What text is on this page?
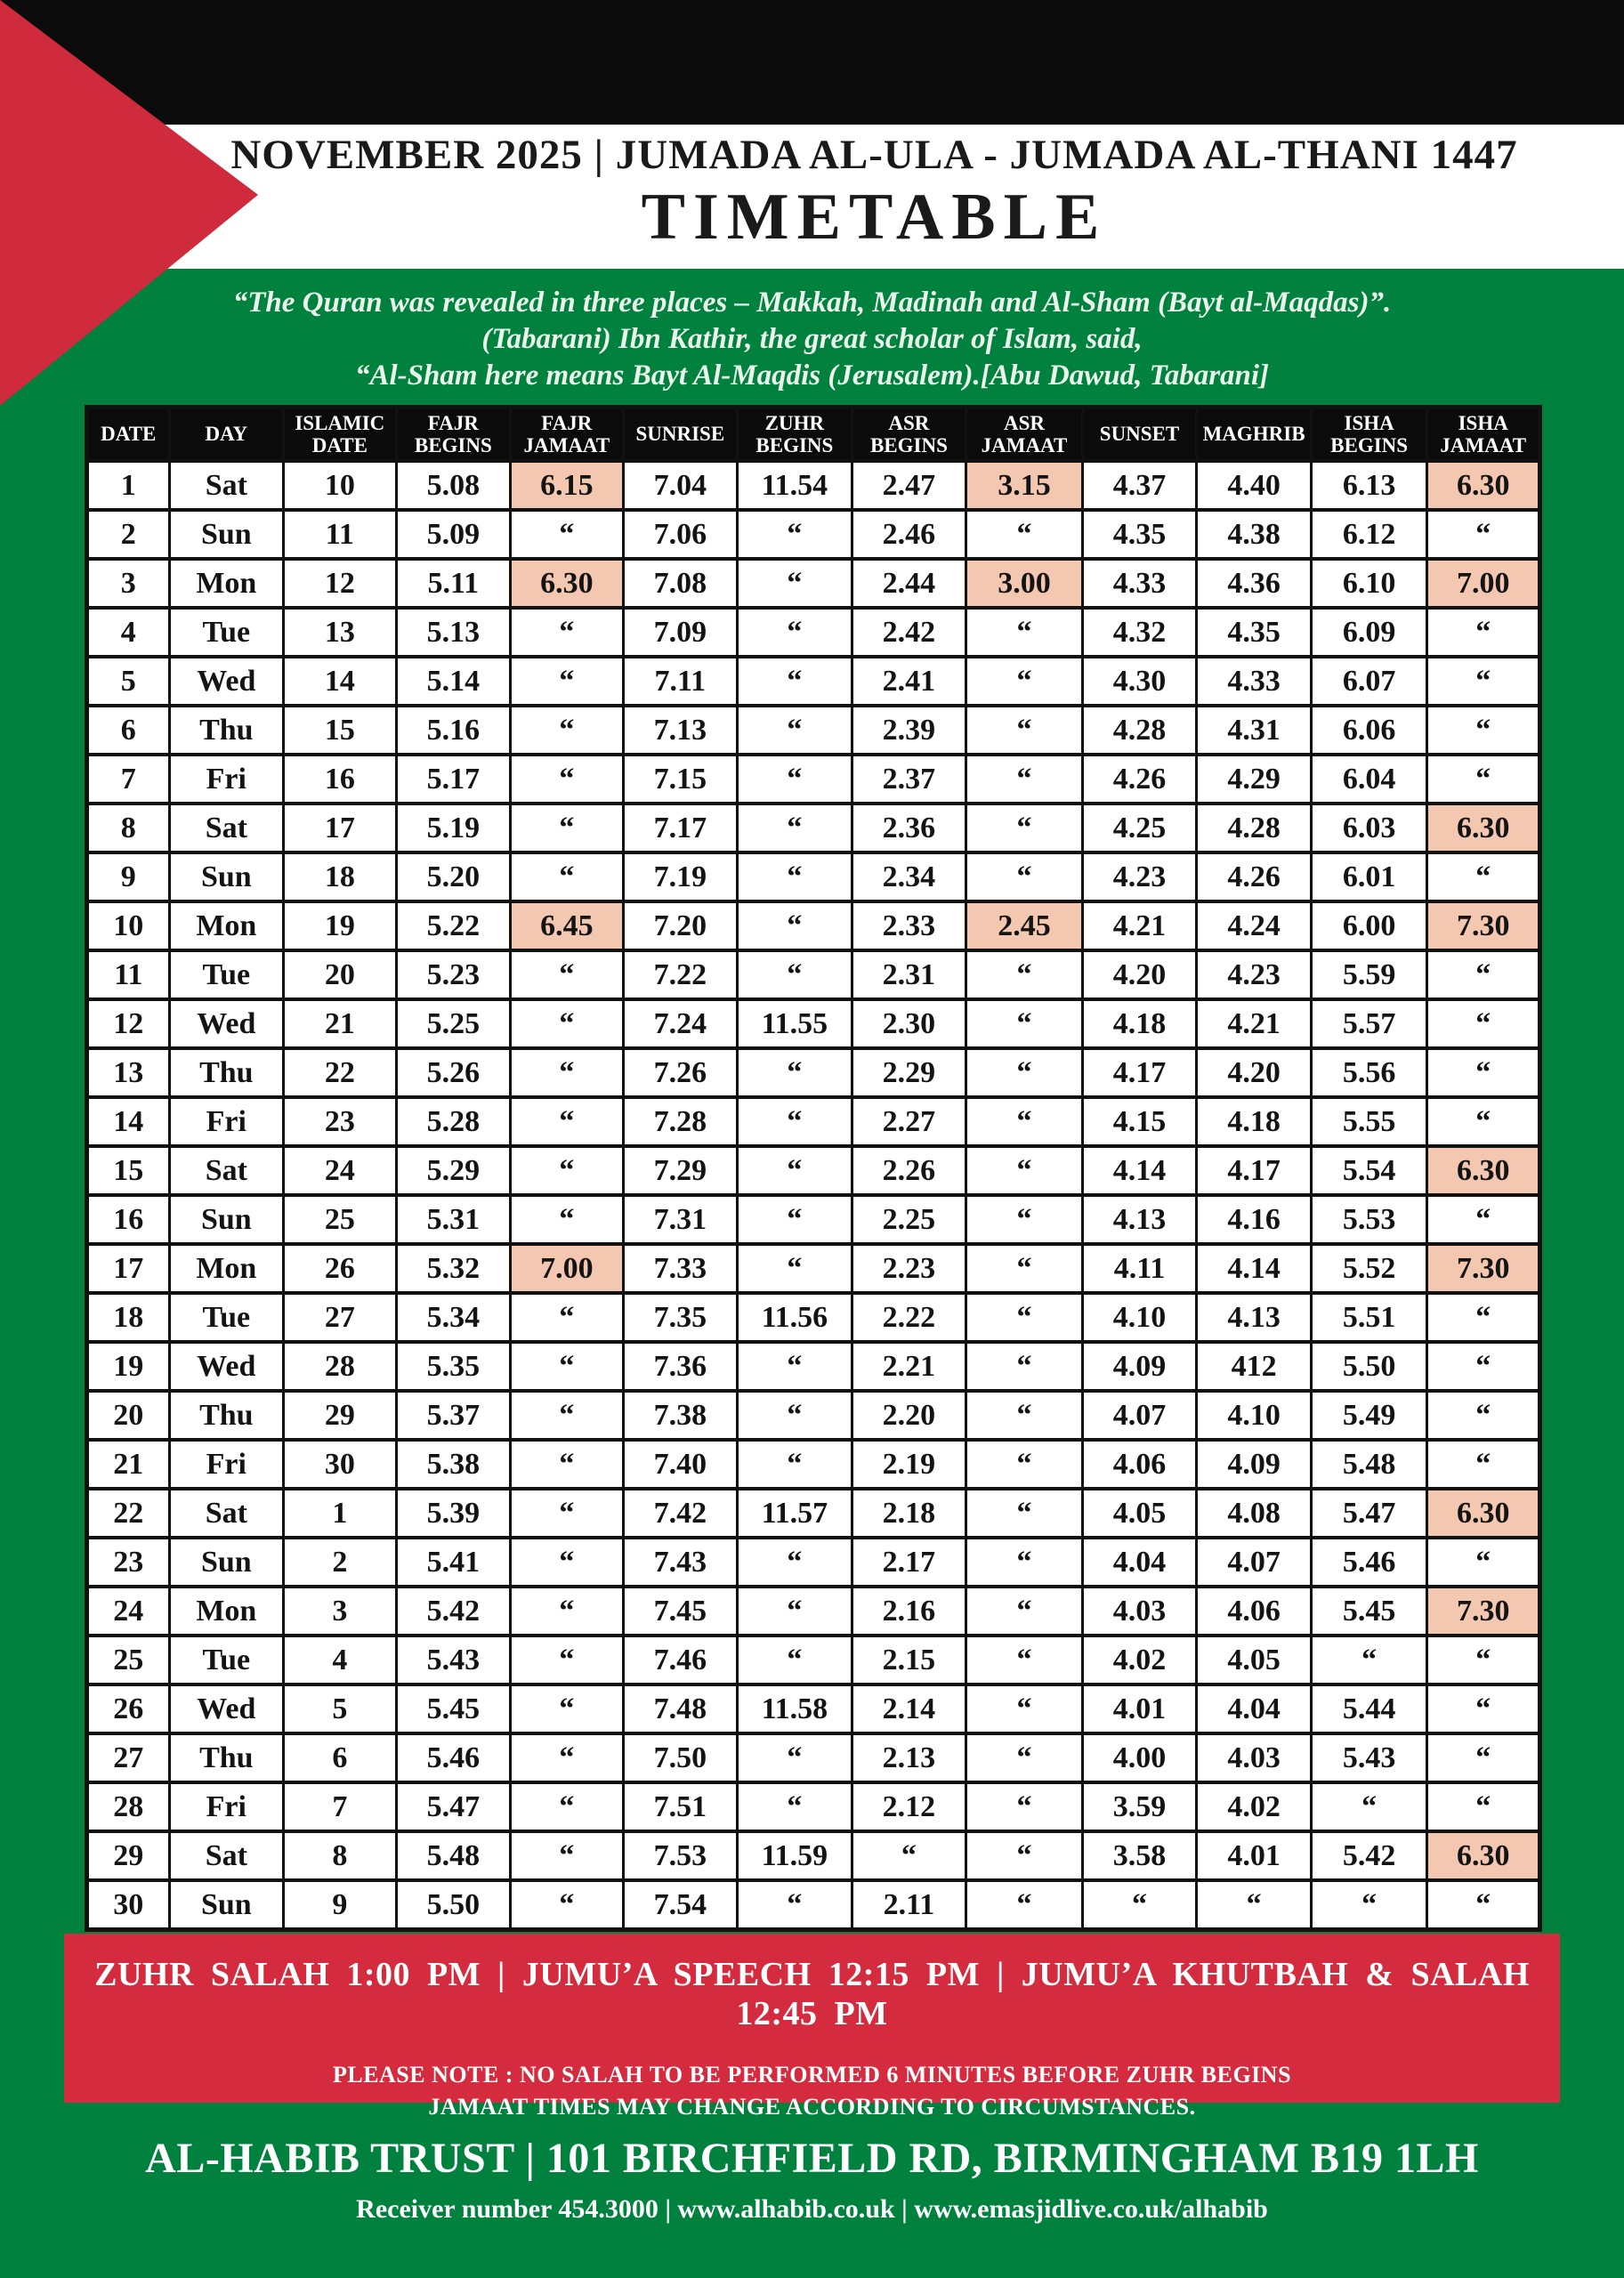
NOVEMBER 2025 | JUMADA AL-ULA - JUMADA AL-THANI 1447
TIMETABLE
“The Quran was revealed in three places – Makkah, Madinah and Al-Sham (Bayt al-Maqdas)”.
(Tabarani) Ibn Kathir, the great scholar of Islam, said,
“Al-Sham here means Bayt Al-Maqdis (Jerusalem).[Abu Dawud, Tabarani]
DATE	DAY	ISLAMIC DATE	FAJR BEGINS	FAJR JAMAAT	SUNRISE	ZUHR BEGINS	ASR BEGINS	ASR JAMAAT	SUNSET	MAGHRIB	ISHA BEGINS	ISHA JAMAAT
1	Sat	10	5.08	6.15	7.04	11.54	2.47	3.15	4.37	4.40	6.13	6.30
2	Sun	11	5.09	“	7.06	“	2.46	“	4.35	4.38	6.12	“
3	Mon	12	5.11	6.30	7.08	“	2.44	3.00	4.33	4.36	6.10	7.00
4	Tue	13	5.13	“	7.09	“	2.42	“	4.32	4.35	6.09	“
5	Wed	14	5.14	“	7.11	“	2.41	“	4.30	4.33	6.07	“
6	Thu	15	5.16	“	7.13	“	2.39	“	4.28	4.31	6.06	“
7	Fri	16	5.17	“	7.15	“	2.37	“	4.26	4.29	6.04	“
8	Sat	17	5.19	“	7.17	“	2.36	“	4.25	4.28	6.03	6.30
9	Sun	18	5.20	“	7.19	“	2.34	“	4.23	4.26	6.01	“
10	Mon	19	5.22	6.45	7.20	“	2.33	2.45	4.21	4.24	6.00	7.30
11	Tue	20	5.23	“	7.22	“	2.31	“	4.20	4.23	5.59	“
12	Wed	21	5.25	“	7.24	11.55	2.30	“	4.18	4.21	5.57	“
13	Thu	22	5.26	“	7.26	“	2.29	“	4.17	4.20	5.56	“
14	Fri	23	5.28	“	7.28	“	2.27	“	4.15	4.18	5.55	“
15	Sat	24	5.29	“	7.29	“	2.26	“	4.14	4.17	5.54	6.30
16	Sun	25	5.31	“	7.31	“	2.25	“	4.13	4.16	5.53	“
17	Mon	26	5.32	7.00	7.33	“	2.23	“	4.11	4.14	5.52	7.30
18	Tue	27	5.34	“	7.35	11.56	2.22	“	4.10	4.13	5.51	“
19	Wed	28	5.35	“	7.36	“	2.21	“	4.09	412	5.50	“
20	Thu	29	5.37	“	7.38	“	2.20	“	4.07	4.10	5.49	“
21	Fri	30	5.38	“	7.40	“	2.19	“	4.06	4.09	5.48	“
22	Sat	1	5.39	“	7.42	11.57	2.18	“	4.05	4.08	5.47	6.30
23	Sun	2	5.41	“	7.43	“	2.17	“	4.04	4.07	5.46	“
24	Mon	3	5.42	“	7.45	“	2.16	“	4.03	4.06	5.45	7.30
25	Tue	4	5.43	“	7.46	“	2.15	“	4.02	4.05	“	“
26	Wed	5	5.45	“	7.48	11.58	2.14	“	4.01	4.04	5.44	“
27	Thu	6	5.46	“	7.50	“	2.13	“	4.00	4.03	5.43	“
28	Fri	7	5.47	“	7.51	“	2.12	“	3.59	4.02	“	“
29	Sat	8	5.48	“	7.53	11.59	“	“	3.58	4.01	5.42	6.30
30	Sun	9	5.50	“	7.54	“	2.11	“	“	“	“	“
ZUHR SALAH 1:00 PM | JUMU’A SPEECH 12:15 PM | JUMU’A KHUTBAH & SALAH 12:45 PM
PLEASE NOTE : NO SALAH TO BE PERFORMED 6 MINUTES BEFORE ZUHR BEGINS
JAMAAT TIMES MAY CHANGE ACCORDING TO CIRCUMSTANCES.
AL-HABIB TRUST | 101 BIRCHFIELD RD, BIRMINGHAM B19 1LH
Receiver number 454.3000 | www.alhabib.co.uk | www.emasjidlive.co.uk/alhabib
